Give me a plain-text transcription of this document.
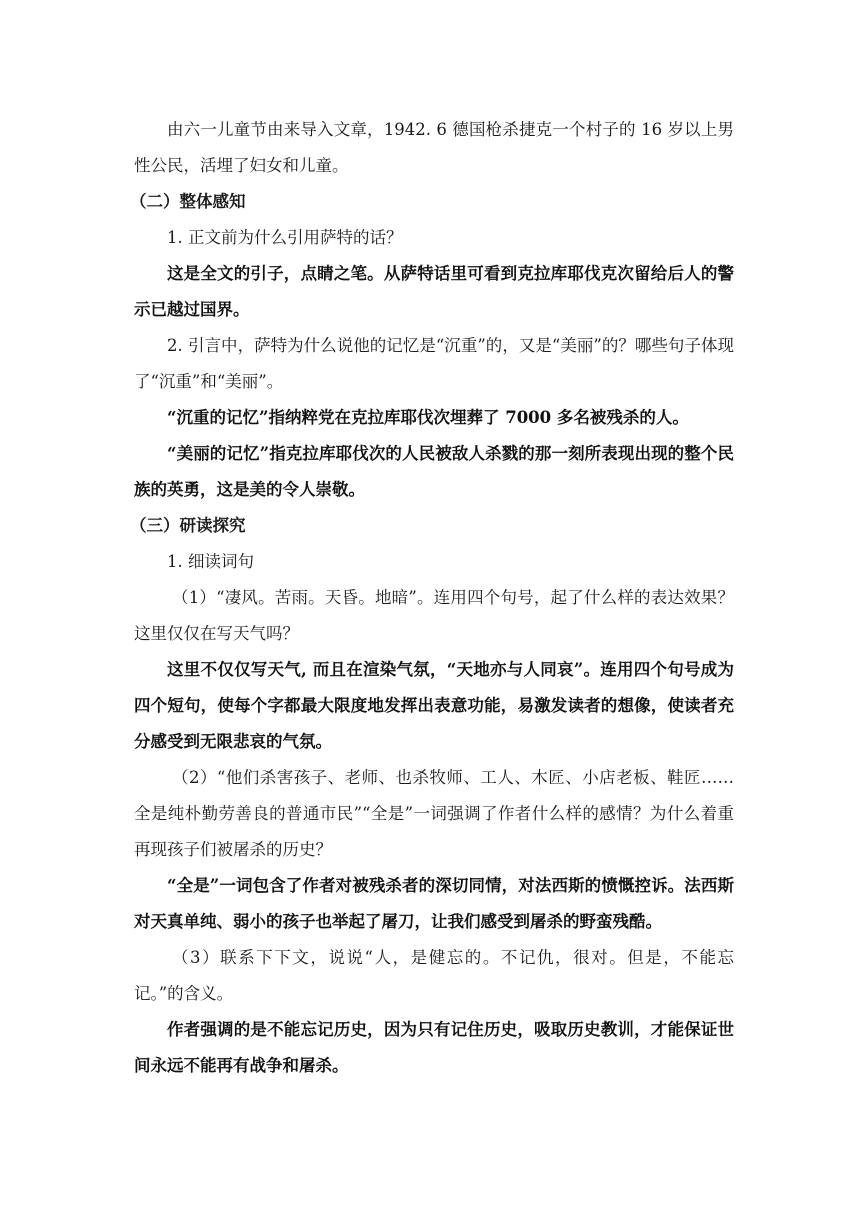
由六一儿童节由来导入文章，1942. 6 德国枪杀捷克一个村子的 16 岁以上男性公民，活埋了妇女和儿童。

（二）整体感知

1. 正文前为什么引用萨特的话？

这是全文的引子，点睛之笔。从萨特话里可看到克拉库耶伐克次留给后人的警示已越过国界。

2. 引言中，萨特为什么说他的记忆是“沉重”的，又是“美丽”的？哪些句子体现了“沉重”和“美丽”。

“沉重的记忆”指纳粹党在克拉库耶伐次埋葬了 7000 多名被残杀的人。

“美丽的记忆”指克拉库耶伐次的人民被敌人杀戮的那一刻所表现出现的整个民族的英勇，这是美的令人崇敬。

（三）研读探究

1. 细读词句

（1）“凄风。苦雨。天昏。地暗”。连用四个句号，起了什么样的表达效果？这里仅仅在写天气吗？

这里不仅仅写天气, 而且在渲染气氛，“天地亦与人同哀”。连用四个句号成为四个短句，使每个字都最大限度地发挥出表意功能，易激发读者的想像，使读者充分感受到无限悲哀的气氛。

（2）“他们杀害孩子、老师、也杀牧师、工人、木匠、小店老板、鞋匠……全是纯朴勤劳善良的普通市民”“全是”一词强调了作者什么样的感情？为什么着重再现孩子们被屠杀的历史？

“全是”一词包含了作者对被残杀者的深切同情，对法西斯的愤慨控诉。法西斯对天真单纯、弱小的孩子也举起了屠刀，让我们感受到屠杀的野蛮残酷。

（3）联系下下文，说说“人，是健忘的。不记仇，很对。但是，不能忘记。”的含义。

作者强调的是不能忘记历史，因为只有记住历史，吸取历史教训，才能保证世间永远不能再有战争和屠杀。
